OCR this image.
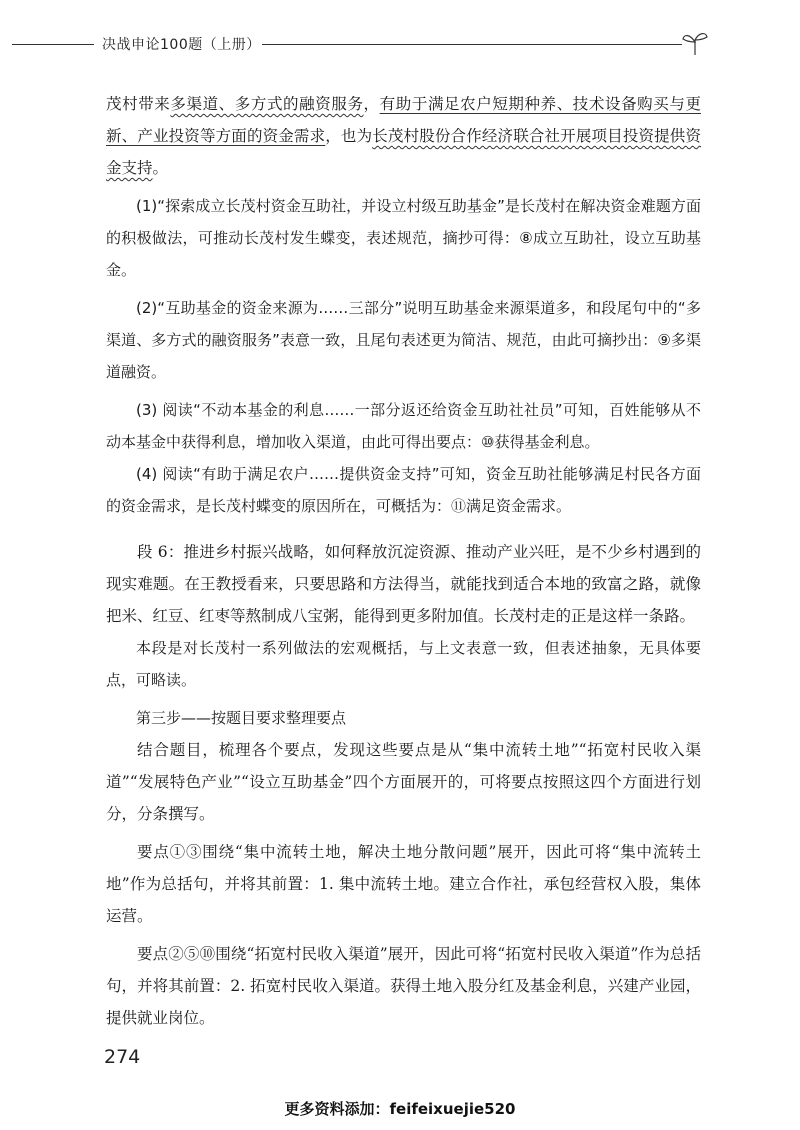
决战申论100题（上册）

茂村带来多渠道、多方式的融资服务，有助于满足农户短期种养、技术设备购买与更新、产业投资等方面的资金需求，也为长茂村股份合作经济联合社开展项目投资提供资金支持。

(1)“探索成立长茂村资金互助社，并设立村级互助基金”是长茂村在解决资金难题方面的积极做法，可推动长茂村发生蝶变，表述规范，摘抄可得：⑧成立互助社，设立互助基金。

(2)“互助基金的资金来源为……三部分”说明互助基金来源渠道多，和段尾句中的“多渠道、多方式的融资服务”表意一致，且尾句表述更为简洁、规范，由此可摘抄出：⑨多渠道融资。

(3) 阅读“不动本基金的利息……一部分返还给资金互助社社员”可知，百姓能够从不动本基金中获得利息，增加收入渠道，由此可得出要点：⑩获得基金利息。

(4) 阅读“有助于满足农户……提供资金支持”可知，资金互助社能够满足村民各方面的资金需求，是长茂村蝶变的原因所在，可概括为：⑪满足资金需求。

段 6：推进乡村振兴战略，如何释放沉淀资源、推动产业兴旺，是不少乡村遇到的现实难题。在王教授看来，只要思路和方法得当，就能找到适合本地的致富之路，就像把米、红豆、红枣等熬制成八宝粥，能得到更多附加值。长茂村走的正是这样一条路。

本段是对长茂村一系列做法的宏观概括，与上文表意一致，但表述抽象，无具体要点，可略读。

第三步——按题目要求整理要点

结合题目，梳理各个要点，发现这些要点是从“集中流转土地”“拓宽村民收入渠道”“发展特色产业”“设立互助基金”四个方面展开的，可将要点按照这四个方面进行划分，分条撰写。

要点①③围绕“集中流转土地，解决土地分散问题”展开，因此可将“集中流转土地”作为总括句，并将其前置：1. 集中流转土地。建立合作社，承包经营权入股，集体运营。

要点②⑤⑩围绕“拓宽村民收入渠道”展开，因此可将“拓宽村民收入渠道”作为总括句，并将其前置：2. 拓宽村民收入渠道。获得土地入股分红及基金利息，兴建产业园，提供就业岗位。

274
更多资料添加：feifeixuejie520
